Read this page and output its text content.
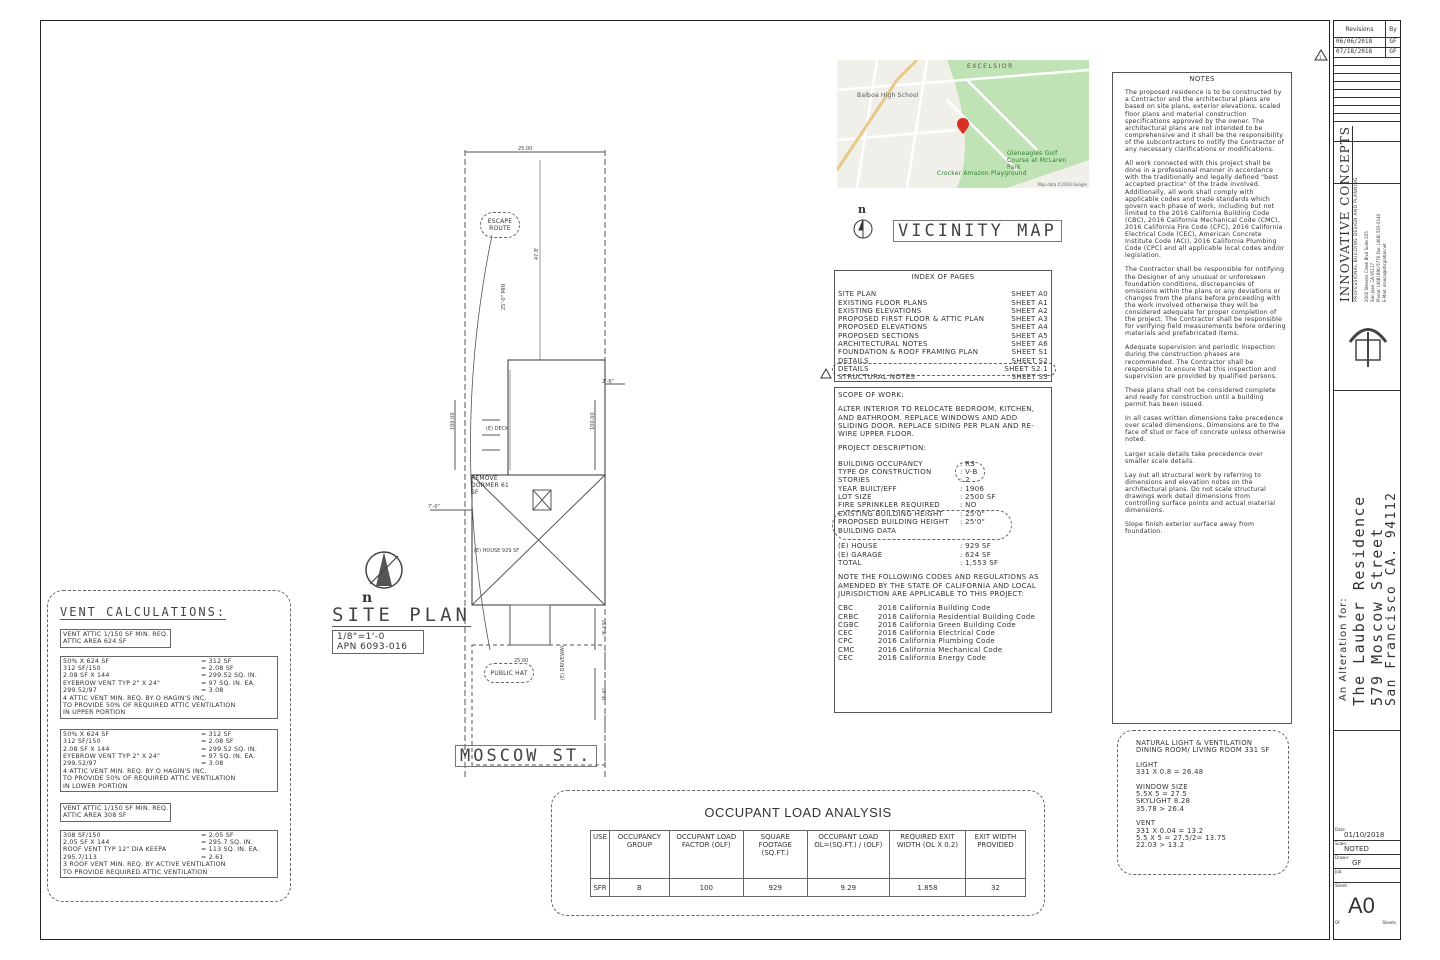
25.00
25.00
(E) DECK
(E) HOUSE 929 SF
2'-6"
7'-0"
(E) DRIVEWAY
100.00	100.00
47.8'
25'-0" MIN
9'-10"
9'-4"
ESCAPE ROUTE
REMOVE DORMER 61 SF
PUBLIC HAT
n
SITE PLAN
1/8"=1'-0
APN 6093-016
MOSCOW ST.
EXCELSIOR
Balboa High School
Gleneagles Golf Course at McLaren Park
Crocker Amazon Playground
Map data ©2018 Google
n
VICINITY MAP
INDEX OF PAGES
SITE PLAN	SHEET A0
EXISTING FLOOR PLANS	SHEET A1
EXISTING ELEVATIONS	SHEET A2
PROPOSED FIRST FLOOR & ATTIC PLAN	SHEET A3
PROPOSED ELEVATIONS	SHEET A4
PROPOSED SECTIONS	SHEET A5
ARCHITECTURAL NOTES	SHEET A6
FOUNDATION & ROOF FRAMING PLAN	SHEET S1
DETAILS	SHEET S2
DETAILS	SHEET S2.1
STRUCTURAL NOTES	SHEET S3
SCOPE OF WORK:
ALTER INTERIOR TO RELOCATE BEDROOM, KITCHEN, AND BATHROOM. REPLACE WINDOWS AND ADD SLIDING DOOR. REPLACE SIDING PER PLAN AND RE-WIRE UPPER FLOOR.
PROJECT DESCRIPTION:
BUILDING OCCUPANCY	: R3
TYPE OF CONSTRUCTION	: V-B
STORIES	: 2
YEAR BUILT/EFF	: 1906
LOT SIZE	: 2500 SF
FIRE SPRINKLER REQUIRED	: NO
EXISTING BUILDING HEIGHT	: 25'0"
PROPOSED BUILDING HEIGHT	: 25'0"
BUILDING DATA
(E) HOUSE	: 929 SF
(E) GARAGE	: 624 SF
TOTAL	: 1,553 SF
NOTE THE FOLLOWING CODES AND REGULATIONS AS AMENDED BY THE STATE OF CALIFORNIA AND LOCAL JURISDICTION ARE APPLICABLE TO THIS PROJECT:
CBC	2016 California Building Code
CRBC	2016 California Residential Building Code
CGBC	2016 California Green Building Code
CEC	2016 California Electrical Code
CPC	2016 California Plumbing Code
CMC	2016 California Mechanical Code
CEC	2016 California Energy Code
NOTES
The proposed residence is to be constructed by a Contractor and the architectural plans are based on site plans, exterior elevations, scaled floor plans and material construction specifications approved by the owner. The architectural plans are not intended to be comprehensive and it shall be the responsibility of the subcontractors to notify the Contractor of any necessary clarifications or modifications.
All work connected with this project shall be done in a professional manner in accordance with the traditionally and legally defined "best accepted practice" of the trade involved. Additionally, all work shall comply with applicable codes and trade standards which govern each phase of work, including but not limited to the 2016 California Building Code (CBC), 2016 California Mechanical Code (CMC), 2016 California Fire Code (CFC), 2016 California Electrical Code (CEC), American Concrete Institute Code (ACI), 2016 California Plumbing Code (CPC) and all applicable local codes and/or legislation.
The Contractor shall be responsible for notifying the Designer of any unusual or unforeseen foundation conditions, discrepancies of omissions within the plans or any deviations or changes from the plans before proceeding with the work involved otherwise they will be considered adequate for proper completion of the project. The Contractor shall be responsible for verifying field measurements before ordering materials and prefabricated items.
Adequate supervision and periodic inspection during the construction phases are recommended. The Contractor shall be responsible to ensure that this inspection and supervision are provided by qualified persons.
These plans shall not be considered complete and ready for construction until a building permit has been issued.
In all cases written dimensions take precedence over scaled dimensions. Dimensions are to the face of stud or face of concrete unless otherwise noted.
Larger scale details take precedence over smaller scale details.
Lay out all structural work by referring to dimensions and elevation notes on the architectural plans. Do not scale structural drawings work detail dimensions from controlling surface points and actual material dimensions.
Slope finish exterior surface away from foundation.
NATURAL LIGHT & VENTILATION
DINING ROOM/ LIVING ROOM 331 SF
LIGHT
331 X 0.8 = 26.48
WINDOW SIZE
5.5X 5 = 27.5
SKYLIGHT 8.28
35.78 > 26.4
VENT
331 X 0.04 = 13.2
5.5 X 5 = 27.5/2= 13.75
22.03 > 13.2
VENT CALCULATIONS:
VENT ATTIC 1/150 SF MIN. REQ.
ATTIC AREA 624 SF
50% X 624 SF	= 312 SF
312 SF/150	= 2.08 SF
2.08 SF X 144	= 299.52 SQ. IN.
EYEBROW VENT TYP 2" X 24"	= 97 SQ. IN. EA.
299.52/97	= 3.08
4 ATTIC VENT MIN. REQ. BY O HAGIN'S INC.
TO PROVIDE 50% OF REQUIRED ATTIC VENTILATION
IN UPPER PORTION
50% X 624 SF	= 312 SF
312 SF/150	= 2.08 SF
2.08 SF X 144	= 299.52 SQ. IN.
EYEBROW VENT TYP 2" X 24"	= 97 SQ. IN. EA.
299.52/97	= 3.08
4 ATTIC VENT MIN. REQ. BY O HAGIN'S INC.
TO PROVIDE 50% OF REQUIRED ATTIC VENTILATION
IN LOWER PORTION
VENT ATTIC 1/150 SF MIN. REQ.
ATTIC AREA 308 SF
308 SF/150	= 2.05 SF
2.05 SF X 144	= 295.7 SQ. IN.
ROOF VENT TYP 12" DIA KEEPA	= 113 SQ. IN. EA.
295.7/113	= 2.61
3 ROOF VENT MIN. REQ. BY ACTIVE VENTILATION
TO PROVIDE REQUIRED ATTIC VENTILATION
OCCUPANT LOAD ANALYSIS
USE	OCCUPANCY GROUP	OCCUPANT LOAD FACTOR (OLF)	SQUARE FOOTAGE (SQ.FT.)	OCCUPANT LOAD OL=(SQ.FT.) / (OLF)	REQUIRED EXIT WIDTH (OL X 0.2)	EXIT WIDTH PROVIDED
SFR	B	100	929	9.29	1.858	32
Revisions	By
06/06/2018	GF
07/18/2018	GF
INNOVATIVE CONCEPTS PROFESSIONAL BUILDING DESIGN AND PLANNING 2000 Stevens Creek Blvd Suite 205 San Jose, CA 95117 Phone: (408) 890-5770 Fax: (408) 553-0140 E-Mail: innoco@sbcglobal.net
An Alteration for: The Lauber Residence 579 Moscow Street
San Francisco CA. 94112
Date:
01/10/2018
Scale:
NOTED
Drawn:
GF
Job:
Sheet:
A0
Of	Sheets
1
